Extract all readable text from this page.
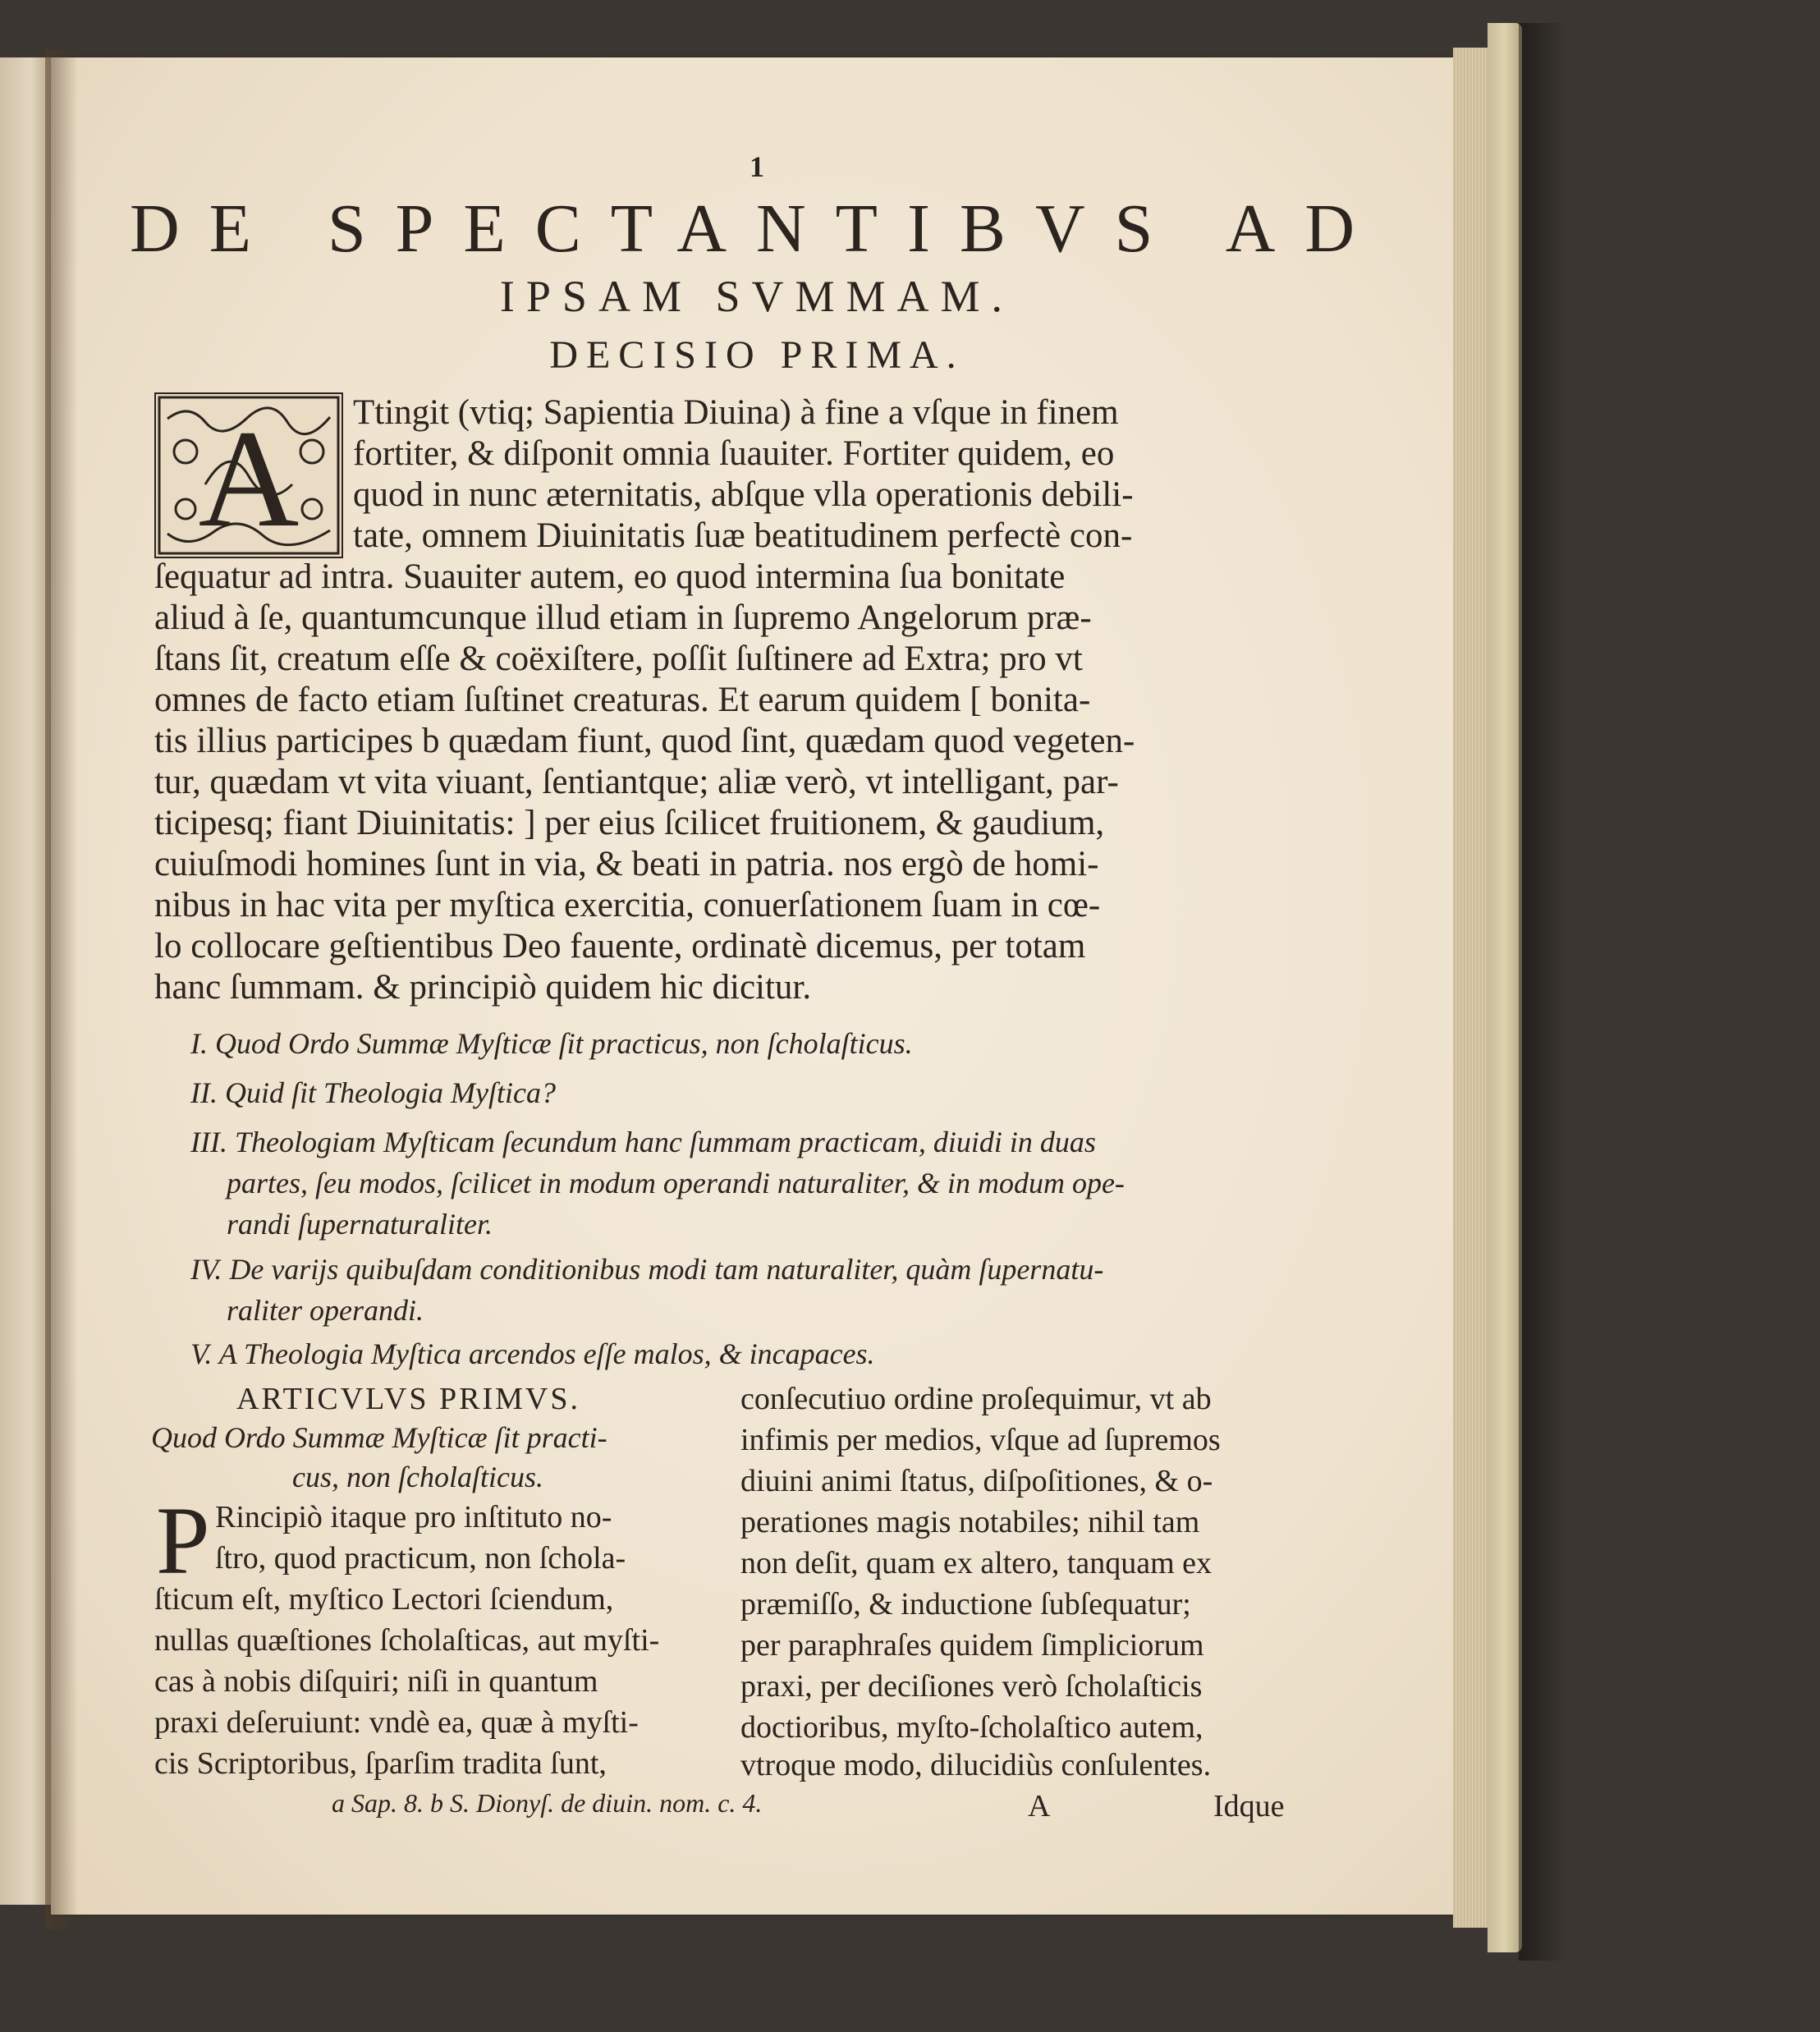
1
DE SPECTANTIBVS AD
IPSAM SVMMAM.
DECISIO PRIMA.
A Ttingit (vtiq; Sapientia Diuina) à fine a vſque in finem
fortiter, & diſponit omnia ſuauiter. Fortiter quidem, eo
quod in nunc æternitatis, abſque vlla operationis debili-
tate, omnem Diuinitatis ſuæ beatitudinem perfectè con-
ſequatur ad intra. Suauiter autem, eo quod intermina ſua bonitate
aliud à ſe, quantumcunque illud etiam in ſupremo Angelorum præ-
ſtans ſit, creatum eſſe & coëxiſtere, poſſit ſuſtinere ad Extra; pro vt
omnes de facto etiam ſuſtinet creaturas. Et earum quidem [ bonita-
tis illius participes b quædam fiunt, quod ſint, quædam quod vegeten-
tur, quædam vt vita viuant, ſentiantque; aliæ verò, vt intelligant, par-
ticipesq; fiant Diuinitatis: ] per eius ſcilicet fruitionem, & gaudium,
cuiuſmodi homines ſunt in via, & beati in patria. nos ergò de homi-
nibus in hac vita per myſtica exercitia, conuerſationem ſuam in cœ-
lo collocare geſtientibus Deo fauente, ordinatè dicemus, per totam
hanc ſummam. & principiò quidem hic dicitur.
I. Quod Ordo Summæ Myſticæ ſit practicus, non ſcholaſticus.
II. Quid ſit Theologia Myſtica?
III. Theologiam Myſticam ſecundum hanc ſummam practicam, diuidi in duas
partes, ſeu modos, ſcilicet in modum operandi naturaliter, & in modum ope-
randi ſupernaturaliter.
IV. De varijs quibuſdam conditionibus modi tam naturaliter, quàm ſupernatu-
raliter operandi.
V. A Theologia Myſtica arcendos eſſe malos, & incapaces.
ARTICVLVS PRIMVS.
Quod Ordo Summæ Myſticæ ſit practi-
cus, non ſcholaſticus.
P Rincipiò itaque pro inſtituto no-
ſtro, quod practicum, non ſchola-
ſticum eſt, myſtico Lectori ſciendum,
nullas quæſtiones ſcholaſticas, aut myſti-
cas à nobis diſquiri; niſi in quantum
praxi deſeruiunt: vndè ea, quæ à myſti-
cis Scriptoribus, ſparſim tradita ſunt,
conſecutiuo ordine proſequimur, vt ab
infimis per medios, vſque ad ſupremos
diuini animi ſtatus, diſpoſitiones, & o-
perationes magis notabiles; nihil tam
non deſit, quam ex altero, tanquam ex
præmiſſo, & inductione ſubſequatur;
per paraphraſes quidem ſimpliciorum
praxi, per deciſiones verò ſcholaſticis
doctioribus, myſto-ſcholaſtico autem,
vtroque modo, dilucidiùs conſulentes.
a Sap. 8. b S. Dionyſ. de diuin. nom. c. 4.	A	Idque
